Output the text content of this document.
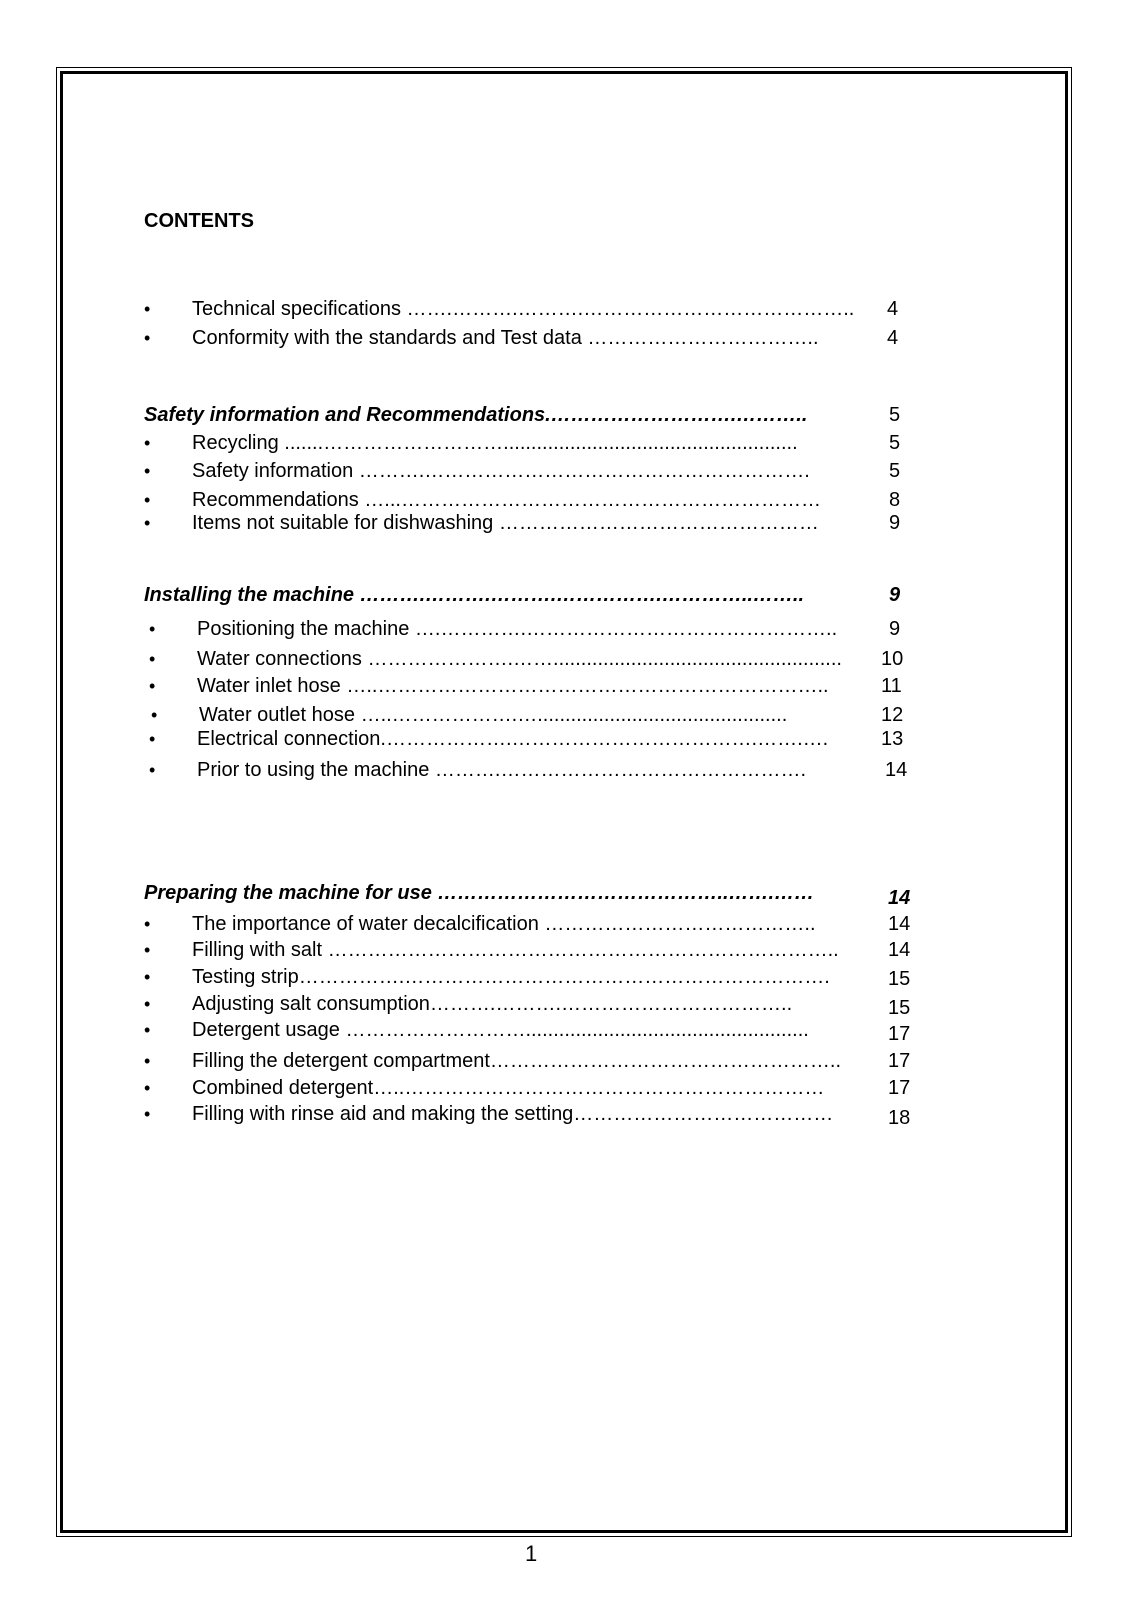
CONTENTS
• Technical specifications …….……….……….………………………………….. 4
• Conformity with the standards and Test data ……………………………..	4
Safety information and Recommendations.……………………….………..	5
• Recycling .......……………………….....................................................	5
• Safety information ……….………………………………………………….	5
• Recommendations …...………………………………………………………	8
• Items not suitable for dishwashing …………………………………………	9
Installing the machine ……….……….……….…………….…………..……..	9
• Positioning the machine ….………….………………………………………..	9
• Water connections ………………….…….................................................... 10
• Water inlet hose …..…………………………………………………………..	11
• Water outlet hose …..……………….….............................................	12
• Electrical connection.……………….……………………………….…….….	13
• Prior to using the machine ……….……………………………………….	14
Preparing the machine for use ……………………………………..…….……	14
• The importance of water decalcification …………………………………..	14
• Filling with salt ………………………………………………………………….. 14
• Testing strip…………….……………………………………………………….	15
• Adjusting salt consumption……….……….……………………………..	15
• Detergent usage ………………………...................................................	17
• Filling the detergent compartment…………………………………………….. 17
• Combined detergent…..………………………………………………………	17
• Filling with rinse aid and making the setting…………………………………	18
1
